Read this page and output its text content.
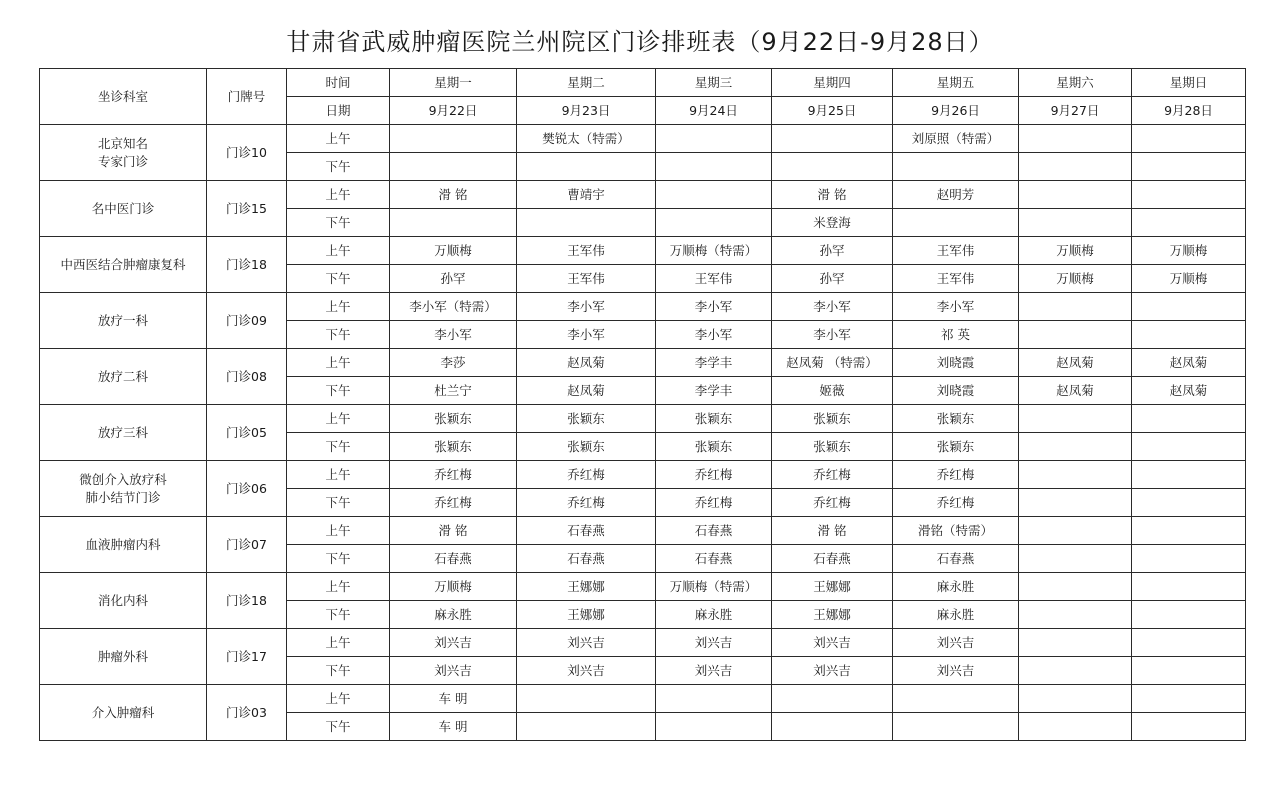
甘肃省武威肿瘤医院兰州院区门诊排班表（9月22日-9月28日）
坐诊科室	门牌号	时间	星期一	星期二	星期三	星期四	星期五	星期六	星期日
		日期	9月22日	9月23日	9月24日	9月25日	9月26日	9月27日	9月28日
北京知名
专家门诊	门诊10	上午		樊锐太（特需）			刘原照（特需）		
		下午							
名中医门诊	门诊15	上午	滑 铭	曹靖宇		滑 铭	赵明芳		
		下午				米登海			
中西医结合肿瘤康复科	门诊18	上午	万顺梅	王军伟	万顺梅（特需）	孙罕	王军伟	万顺梅	万顺梅
		下午	孙罕	王军伟	王军伟	孙罕	王军伟	万顺梅	万顺梅
放疗一科	门诊09	上午	李小军（特需）	李小军	李小军	李小军	李小军		
		下午	李小军	李小军	李小军	李小军	祁 英		
放疗二科	门诊08	上午	李莎	赵凤菊	李学丰	赵凤菊 （特需）	刘晓霞	赵凤菊	赵凤菊
		下午	杜兰宁	赵凤菊	李学丰	姬薇	刘晓霞	赵凤菊	赵凤菊
放疗三科	门诊05	上午	张颖东	张颖东	张颖东	张颖东	张颖东		
		下午	张颖东	张颖东	张颖东	张颖东	张颖东		
微创介入放疗科
肺小结节门诊	门诊06	上午	乔红梅	乔红梅	乔红梅	乔红梅	乔红梅		
		下午	乔红梅	乔红梅	乔红梅	乔红梅	乔红梅		
血液肿瘤内科	门诊07	上午	滑 铭	石春燕	石春燕	滑 铭	滑铭（特需）		
		下午	石春燕	石春燕	石春燕	石春燕	石春燕		
消化内科	门诊18	上午	万顺梅	王娜娜	万顺梅（特需）	王娜娜	麻永胜		
		下午	麻永胜	王娜娜	麻永胜	王娜娜	麻永胜		
肿瘤外科	门诊17	上午	刘兴吉	刘兴吉	刘兴吉	刘兴吉	刘兴吉		
		下午	刘兴吉	刘兴吉	刘兴吉	刘兴吉	刘兴吉		
介入肿瘤科	门诊03	上午	车 明						
		下午	车 明						
